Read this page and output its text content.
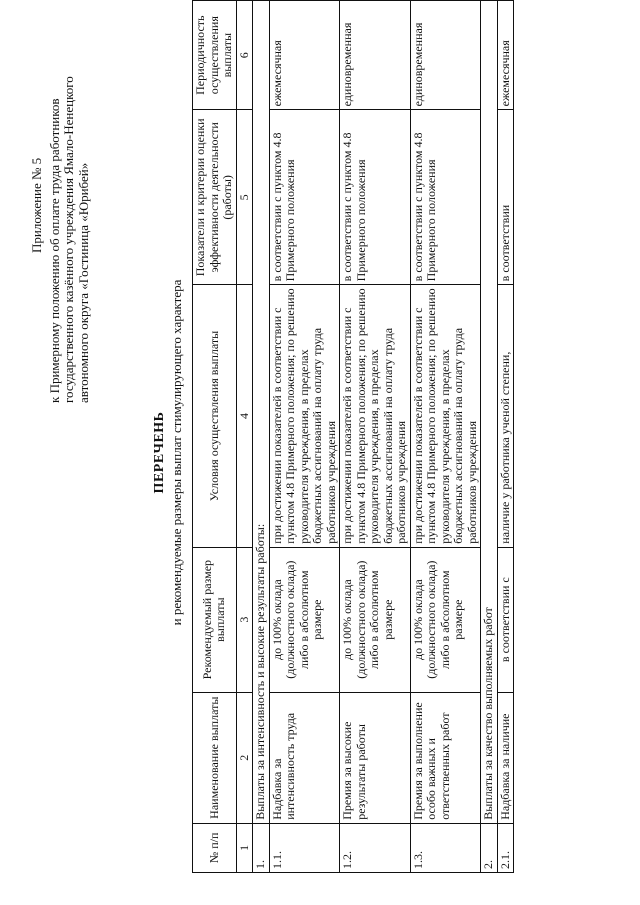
Приложение № 5 к Примерному положению об оплате труда работников государственного казённого учреждения Ямало-Ненецкого автономного округа «Гостиница «Юрибей»
ПЕРЕЧЕНЬ и рекомендуемые размеры выплат стимулирующего характера
№ п/п	Наименование выплаты	Рекомендуемый размер выплаты	Условия осуществления выплаты	Показатели и критерии оценки эффективности деятельности (работы)	Периодичность осуществления выплаты
1	2	3	4	5	6
1.	Выплаты за интенсивность и высокие результаты работы:				
1.1.	Надбавка за интенсивность труда	до 100% оклада (должностного оклада) либо в абсолютном размере	при достижении показателей в соответствии с пунктом 4.8 Примерного положения; по решению руководителя учреждения, в пределах бюджетных ассигнований на оплату труда работников учреждения	в соответствии с пунктом 4.8 Примерного положения	ежемесячная
1.2.	Премия за высокие результаты работы	до 100% оклада (должностного оклада) либо в абсолютном размере	при достижении показателей в соответствии с пунктом 4.8 Примерного положения; по решению руководителя учреждения, в пределах бюджетных ассигнований на оплату труда работников учреждения	в соответствии с пунктом 4.8 Примерного положения	единовременная
1.3.	Премия за выполнение особо важных и ответственных работ	до 100% оклада (должностного оклада) либо в абсолютном размере	при достижении показателей в соответствии с пунктом 4.8 Примерного положения; по решению руководителя учреждения, в пределах бюджетных ассигнований на оплату труда работников учреждения	в соответствии с пунктом 4.8 Примерного положения	единовременная
2.	Выплаты за качество выполняемых работ				
2.1.	Надбавка за наличие	в соответствии с	наличие у работника ученой степени,	в соответствии	ежемесячная
